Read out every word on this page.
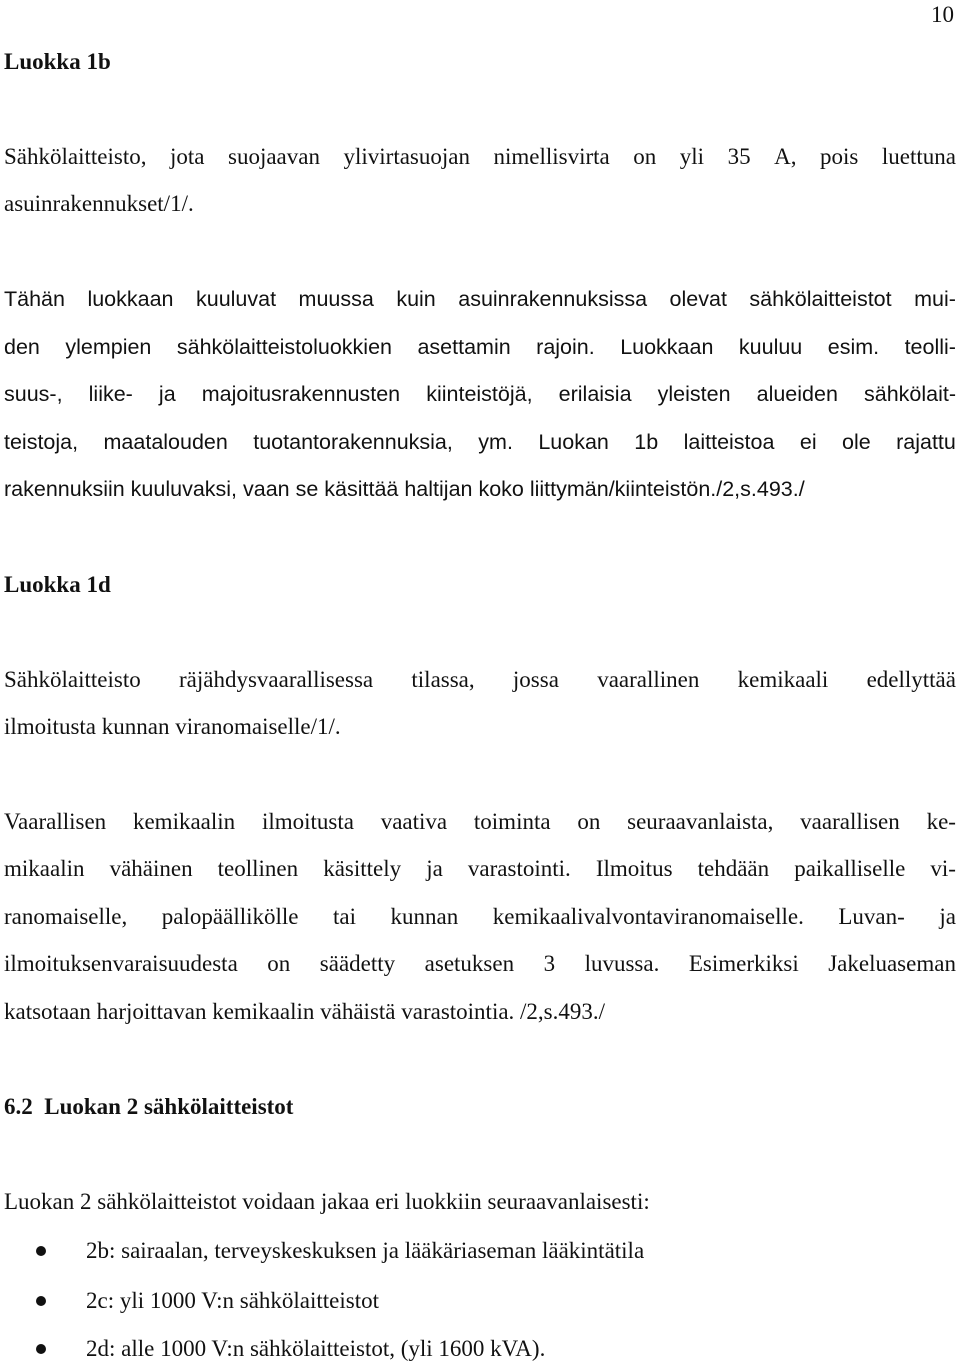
10
Luokka 1b
Sähkölaitteisto, jota suojaavan ylivirtasuojan nimellisvirta on yli 35 A, pois luettuna
asuinrakennukset/1/.
Tähän luokkaan kuuluvat muussa kuin asuinrakennuksissa olevat sähkölaitteistot mui-
den ylempien sähkölaitteistoluokkien asettamin rajoin. Luokkaan kuuluu esim. teolli-
suus-, liike- ja majoitusrakennusten kiinteistöjä, erilaisia yleisten alueiden sähkölait-
teistoja, maatalouden tuotantorakennuksia, ym. Luokan 1b laitteistoa ei ole rajattu
rakennuksiin kuuluvaksi, vaan se käsittää haltijan koko liittymän/kiinteistön./2,s.493./
Luokka 1d
Sähkölaitteisto räjähdysvaarallisessa tilassa, jossa vaarallinen kemikaali edellyttää
ilmoitusta kunnan viranomaiselle/1/.
Vaarallisen kemikaalin ilmoitusta vaativa toiminta on seuraavanlaista, vaarallisen ke-
mikaalin vähäinen teollinen käsittely ja varastointi. Ilmoitus tehdään paikalliselle vi-
ranomaiselle, palopäällikölle tai kunnan kemikaalivalvontaviranomaiselle. Luvan- ja
ilmoituksenvaraisuudesta on säädetty asetuksen 3 luvussa. Esimerkiksi Jakeluaseman
katsotaan harjoittavan kemikaalin vähäistä varastointia. /2,s.493./
6.2  Luokan 2 sähkölaitteistot
Luokan 2 sähkölaitteistot voidaan jakaa eri luokkiin seuraavanlaisesti:
2b: sairaalan, terveyskeskuksen ja lääkäriaseman lääkintätila
2c: yli 1000 V:n sähkölaitteistot
2d: alle 1000 V:n sähkölaitteistot, (yli 1600 kVA).
